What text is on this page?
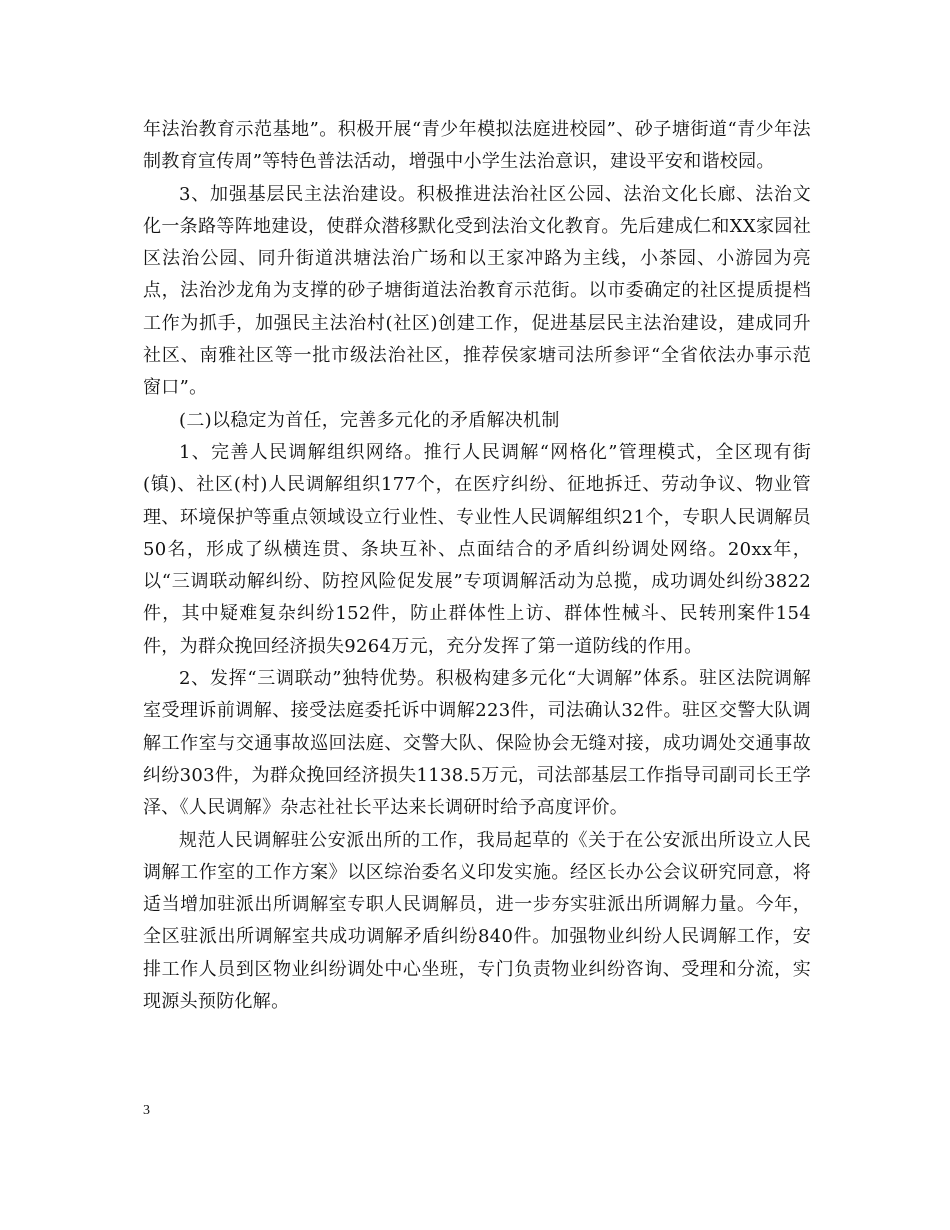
年法治教育示范基地”。积极开展“青少年模拟法庭进校园”、砂子塘街道“青少年法制教育宣传周”等特色普法活动，增强中小学生法治意识，建设平安和谐校园。

3、加强基层民主法治建设。积极推进法治社区公园、法治文化长廊、法治文化一条路等阵地建设，使群众潜移默化受到法治文化教育。先后建成仁和XX家园社区法治公园、同升街道洪塘法治广场和以王家冲路为主线，小茶园、小游园为亮点，法治沙龙角为支撑的砂子塘街道法治教育示范街。以市委确定的社区提质提档工作为抓手，加强民主法治村(社区)创建工作，促进基层民主法治建设，建成同升社区、南雅社区等一批市级法治社区，推荐侯家塘司法所参评“全省依法办事示范窗口”。

(二)以稳定为首任，完善多元化的矛盾解决机制

1、完善人民调解组织网络。推行人民调解“网格化”管理模式，全区现有街(镇)、社区(村)人民调解组织177个，在医疗纠纷、征地拆迁、劳动争议、物业管理、环境保护等重点领域设立行业性、专业性人民调解组织21个，专职人民调解员50名，形成了纵横连贯、条块互补、点面结合的矛盾纠纷调处网络。20xx年，以“三调联动解纠纷、防控风险促发展”专项调解活动为总揽，成功调处纠纷3822件，其中疑难复杂纠纷152件，防止群体性上访、群体性械斗、民转刑案件154件，为群众挽回经济损失9264万元，充分发挥了第一道防线的作用。

2、发挥“三调联动”独特优势。积极构建多元化“大调解”体系。驻区法院调解室受理诉前调解、接受法庭委托诉中调解223件，司法确认32件。驻区交警大队调解工作室与交通事故巡回法庭、交警大队、保险协会无缝对接，成功调处交通事故纠纷303件，为群众挽回经济损失1138.5万元，司法部基层工作指导司副司长王学泽、《人民调解》杂志社社长平达来长调研时给予高度评价。

规范人民调解驻公安派出所的工作，我局起草的《关于在公安派出所设立人民调解工作室的工作方案》以区综治委名义印发实施。经区长办公会议研究同意，将适当增加驻派出所调解室专职人民调解员，进一步夯实驻派出所调解力量。今年，全区驻派出所调解室共成功调解矛盾纠纷840件。加强物业纠纷人民调解工作，安排工作人员到区物业纠纷调处中心坐班，专门负责物业纠纷咨询、受理和分流，实现源头预防化解。

3
